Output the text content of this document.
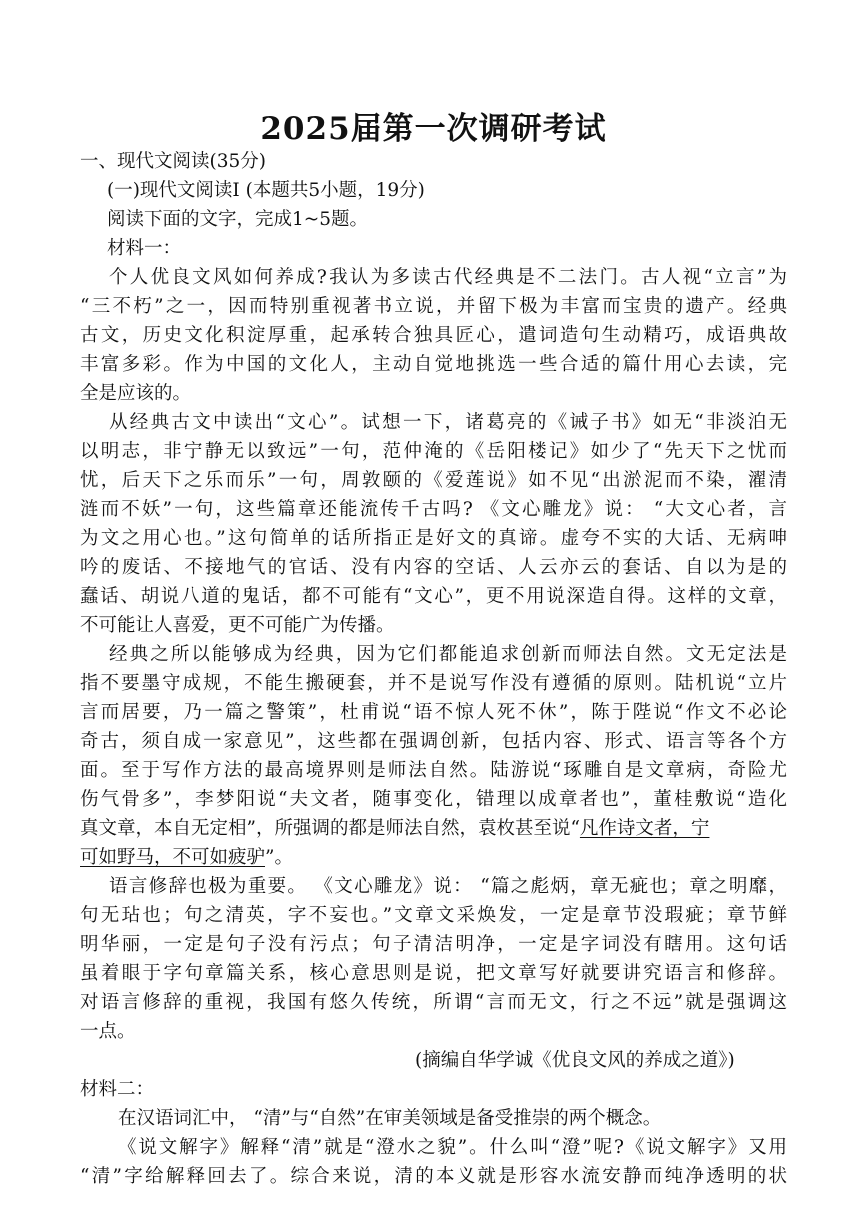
2025届第一次调研考试
一、现代文阅读(35分)
(一)现代文阅读I (本题共5小题，19分)
阅读下面的文字，完成1~5题。
材料一：
个人优良文风如何养成?我认为多读古代经典是不二法门。古人视“立言”为
“三不朽”之一，因而特别重视著书立说，并留下极为丰富而宝贵的遗产。经典
古文，历史文化积淀厚重，起承转合独具匠心，遣词造句生动精巧，成语典故
丰富多彩。作为中国的文化人，主动自觉地挑选一些合适的篇什用心去读，完
全是应该的。
从经典古文中读出“文心”。试想一下，诸葛亮的《诫子书》如无“非淡泊无
以明志，非宁静无以致远”一句，范仲淹的《岳阳楼记》如少了“先天下之忧而
忧，后天下之乐而乐”一句，周敦颐的《爱莲说》如不见“出淤泥而不染，濯清
涟而不妖”一句，这些篇章还能流传千古吗? 《文心雕龙》说： “大文心者，言
为文之用心也。”这句简单的话所指正是好文的真谛。虚夸不实的大话、无病呻
吟的废话、不接地气的官话、没有内容的空话、人云亦云的套话、自以为是的
蠢话、胡说八道的鬼话，都不可能有“文心”，更不用说深造自得。这样的文章，
不可能让人喜爱，更不可能广为传播。
经典之所以能够成为经典，因为它们都能追求创新而师法自然。文无定法是
指不要墨守成规，不能生搬硬套，并不是说写作没有遵循的原则。陆机说“立片
言而居要，乃一篇之警策”，杜甫说“语不惊人死不休”，陈于陛说“作文不必论
奇古，须自成一家意见”，这些都在强调创新，包括内容、形式、语言等各个方
面。至于写作方法的最高境界则是师法自然。陆游说“琢雕自是文章病，奇险尤
伤气骨多”，李梦阳说“夫文者，随事变化，错理以成章者也”，董桂敷说“造化
真文章，本自无定相”，所强调的都是师法自然，袁枚甚至说“凡作诗文者，宁
可如野马，不可如疲驴”。
语言修辞也极为重要。 《文心雕龙》说： “篇之彪炳，章无疵也；章之明靡，
句无玷也；句之清英，字不妄也。”文章文采焕发，一定是章节没瑕疵；章节鲜
明华丽，一定是句子没有污点；句子清洁明净，一定是字词没有瞎用。这句话
虽着眼于字句章篇关系，核心意思则是说，把文章写好就要讲究语言和修辞。
对语言修辞的重视，我国有悠久传统，所谓“言而无文，行之不远”就是强调这
一点。
(摘编自华学诚《优良文风的养成之道》)
材料二：
在汉语词汇中， “清”与“自然”在审美领域是备受推崇的两个概念。
《说文解字》解释“清”就是“澄水之貌”。什么叫“澄”呢?《说文解字》又用
“清”字给解释回去了。综合来说，清的本义就是形容水流安静而纯净透明的状
